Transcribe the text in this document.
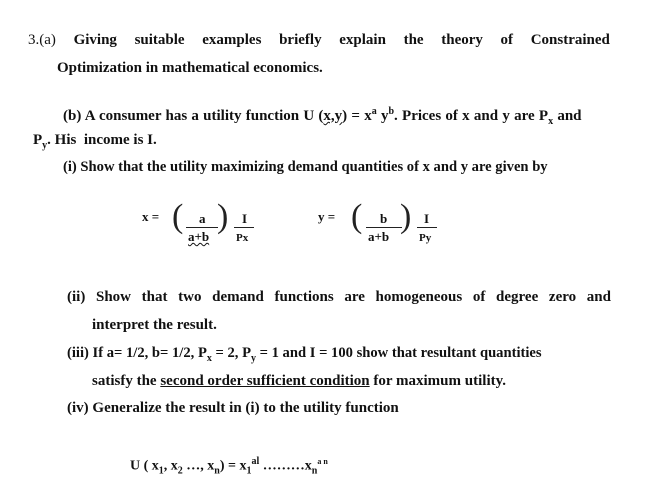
3.(a) Giving suitable examples briefly explain the theory of Constrained
Optimization in mathematical economics.
(b) A consumer has a utility function U $(x,y) = x^a$ $y^b$. Prices of x and y are $P_x$ and
$P_y$. His  income is I.
(i) Show that the utility maximizing demand quantities of x and y are given by
x = ( a
a+b
) I
Px
y = ( b
a+b
) I
Py
(ii) Show that two demand functions are homogeneous of degree zero and
interpret the result.
(iii) If a= 1/2, b= 1/2, $P_x = 2$, $P_y = 1$ and I = 100 show that resultant quantities
satisfy the second order sufficient condition for maximum utility.
(iv) Generalize the result in (i) to the utility function
U ( $x_1$, $x_2$ …, $x_n) = x_1^{al}$ $\dots\dots\dots x_n^{a n}$
